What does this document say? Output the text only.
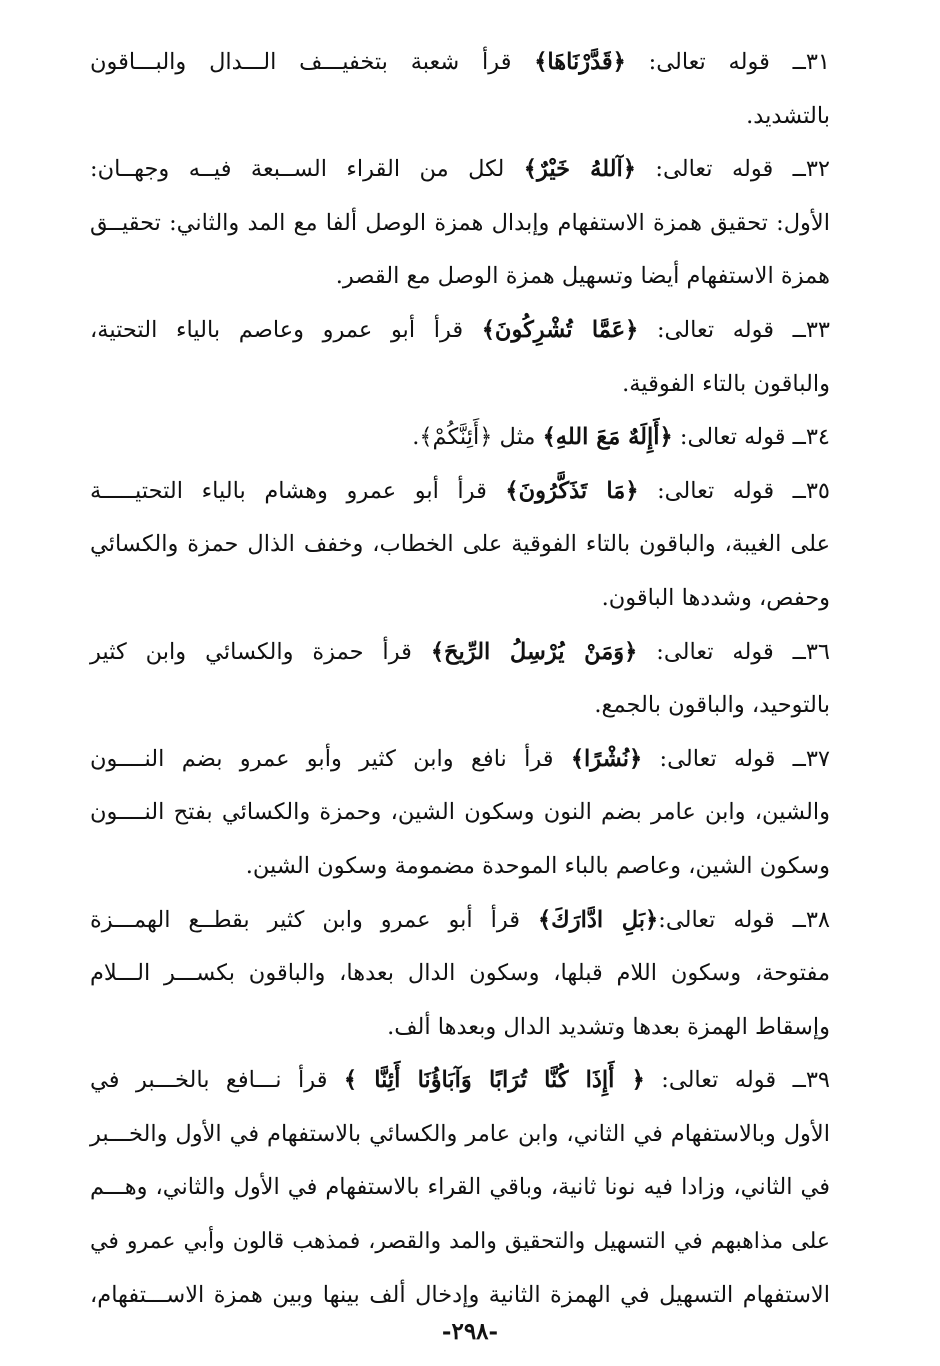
٣١ــ قوله تعالى: ﴿قَدَّرْنَاهَا﴾ قرأ شعبة بتخفيـــف الـــدال والبـــاقون
بالتشديد.
٣٢ــ قوله تعالى: ﴿آللهُ خَيْرٌ﴾ لكل من القراء الســبعة فيــه وجهــان:
الأول: تحقيق همزة الاستفهام وإبدال همزة الوصل ألفا مع المد والثاني: تحقيــق
همزة الاستفهام أيضا وتسهيل همزة الوصل مع القصر.
٣٣ــ قوله تعالى: ﴿عَمَّا تُشْرِكُونَ﴾ قرأ أبو عمرو وعاصم بالياء التحتية،
والباقون بالتاء الفوقية.
٣٤ــ قوله تعالى: ﴿أَإِلَهٌ مَعَ اللهِ﴾ مثل ﴿أَئِنَّكُمْ﴾.
٣٥ــ قوله تعالى: ﴿مَا تَذَكَّرُونَ﴾ قرأ أبو عمرو وهشام بالياء التحتيـــــة
على الغيبة، والباقون بالتاء الفوقية على الخطاب، وخفف الذال حمزة والكسائي
وحفص، وشددها الباقون.
٣٦ــ قوله تعالى: ﴿وَمَنْ يُرْسِلُ الرِّيحَ﴾ قرأ حمزة والكسائي وابن كثير
بالتوحيد، والباقون بالجمع.
٣٧ــ قوله تعالى: ﴿نُشْرًا﴾ قرأ نافع وابن كثير وأبو عمرو بضم النــــون
والشين، وابن عامر بضم النون وسكون الشين، وحمزة والكسائي بفتح النــــون
وسكون الشين، وعاصم بالباء الموحدة مضمومة وسكون الشين.
٣٨ــ قوله تعالى:﴿بَلِ ادَّارَكَ﴾ قرأ أبو عمرو وابن كثير بقطــع الهمـــزة
مفتوحة، وسكون اللام قبلها، وسكون الدال بعدها، والباقون بكســـر الـــلام
وإسقاط الهمزة بعدها وتشديد الدال وبعدها ألف.
٣٩ــ قوله تعالى: ﴿ أَإِذَا كُنَّا تُرَابًا وَآبَاؤُنَا أَئِنَّا ﴾ قرأ نـــافع بالخـــبر في
الأول وبالاستفهام في الثاني، وابن عامر والكسائي بالاستفهام في الأول والخـــبر
في الثاني، وزادا فيه نونا ثانية، وباقي القراء بالاستفهام في الأول والثاني، وهـــم
على مذاهبهم في التسهيل والتحقيق والمد والقصر، فمذهب قالون وأبي عمرو في
الاستفهام التسهيل في الهمزة الثانية وإدخال ألف بينها وبين همزة الاســـتفهام،
-٢٩٨-
